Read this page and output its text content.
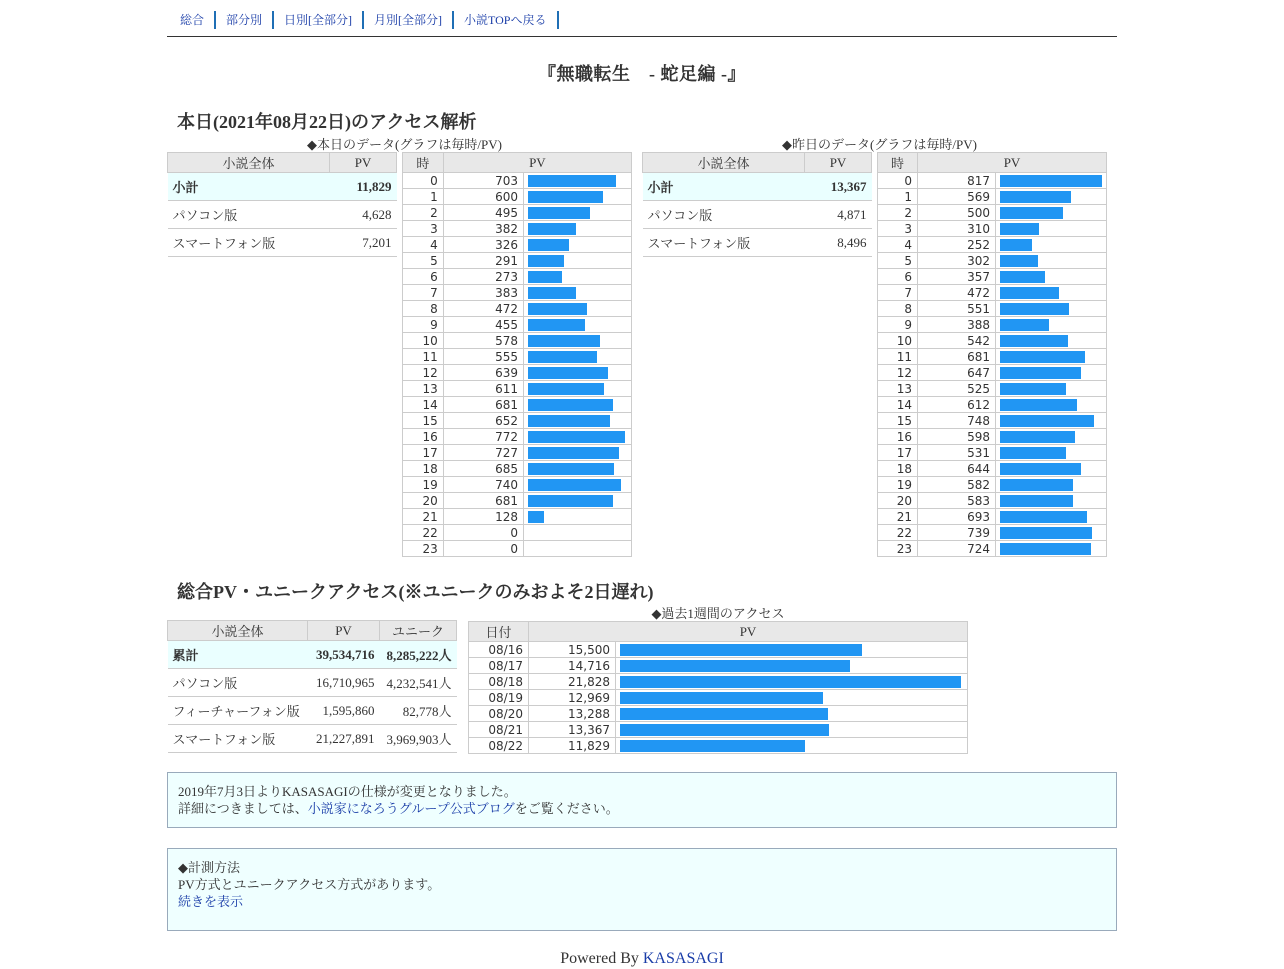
総合	部分別	日別[全部分]	月別[全部分]	小説TOPへ戻る
『無職転生　- 蛇足編 -』
本日(2021年08月22日)のアクセス解析
◆本日のデータ(グラフは毎時/PV)	◆昨日のデータ(グラフは毎時/PV)
小説全体	PV
小計	11,829
パソコン版	4,628
スマートフォン版	7,201
時	PV	
0	703	

1	600	

2	495	

3	382	

4	326	

5	291	

6	273	

7	383	

8	472	

9	455	

10	578	

11	555	

12	639	

13	611	

14	681	

15	652	

16	772	

17	727	

18	685	

19	740	

20	681	

21	128	

22	0	
23	0	
小説全体	PV
小計	13,367
パソコン版	4,871
スマートフォン版	8,496
時	PV	
0	817	

1	569	

2	500	

3	310	

4	252	

5	302	

6	357	

7	472	

8	551	

9	388	

10	542	

11	681	

12	647	

13	525	

14	612	

15	748	

16	598	

17	531	

18	644	

19	582	

20	583	

21	693	

22	739	

23	724	
総合PV・ユニークアクセス(※ユニークのみおよそ2日遅れ)
◆過去1週間のアクセス
小説全体	PV	ユニーク
累計	39,534,716	8,285,222人
パソコン版	16,710,965	4,232,541人
フィーチャーフォン版	1,595,860	82,778人
スマートフォン版	21,227,891	3,969,903人
日付	PV	
08/16	15,500	

08/17	14,716	

08/18	21,828	

08/19	12,969	

08/20	13,288	

08/21	13,367	

08/22	11,829	
2019年7月3日よりKASASAGIの仕様が変更となりました。
詳細につきましては、小説家になろうグループ公式ブログをご覧ください。
◆計測方法
PV方式とユニークアクセス方式があります。
続きを表示
Powered By KASASAGI
